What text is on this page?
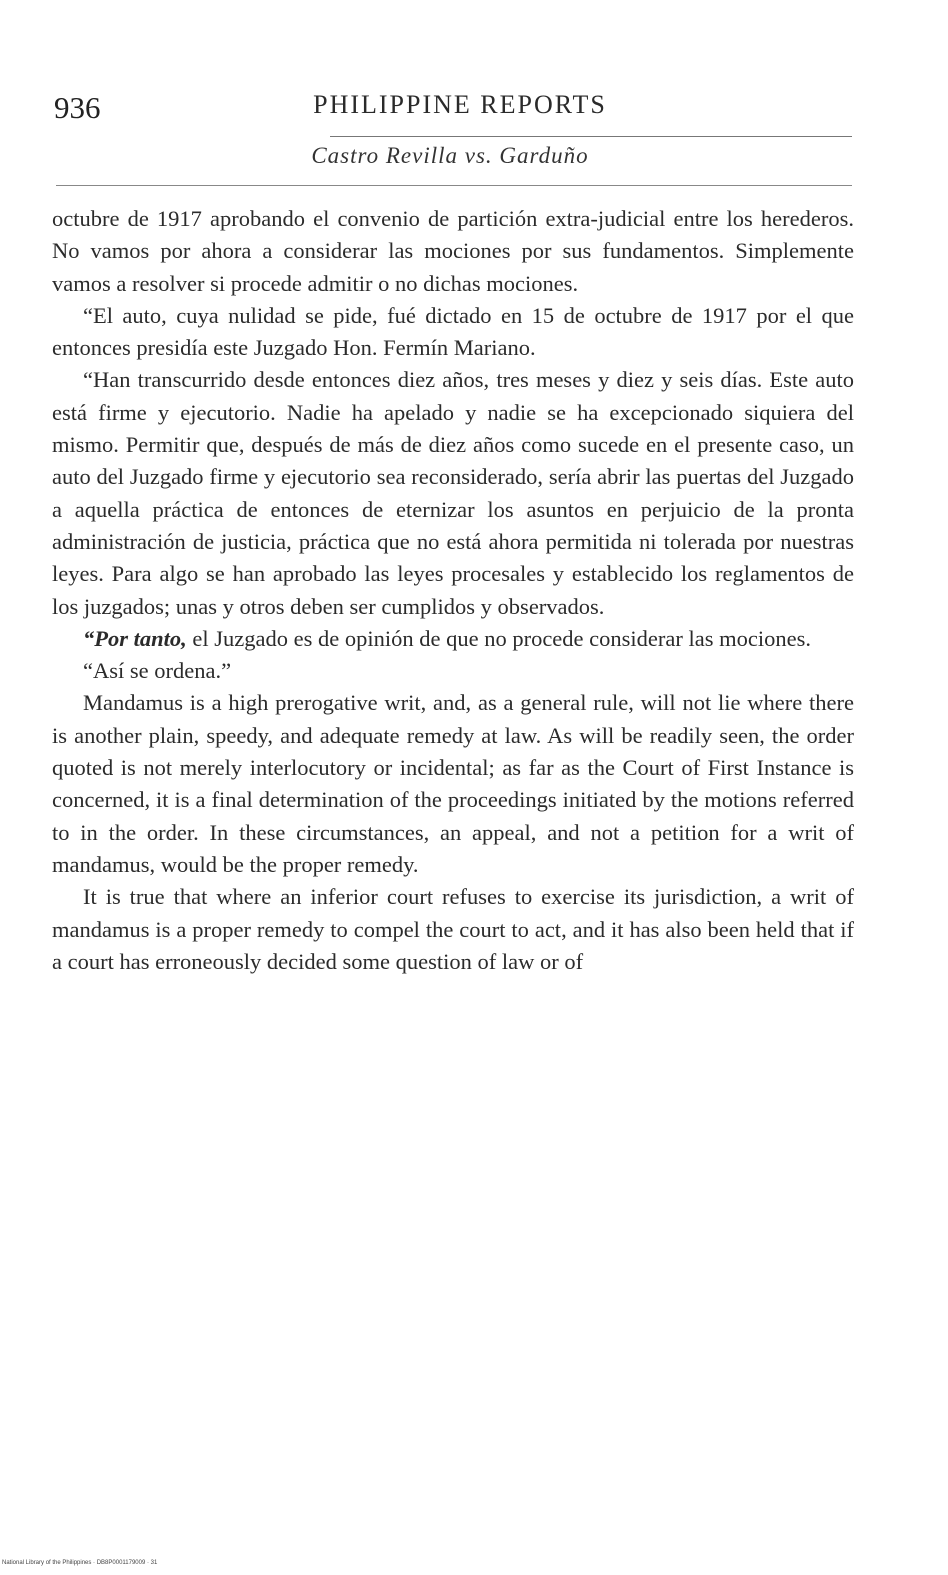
936	PHILIPPINE REPORTS
Castro Revilla vs. Garduño

octubre de 1917 aprobando el convenio de partición extra-judicial entre los herederos. No vamos por ahora a considerar las mociones por sus fundamentos. Simplemente vamos a resolver si procede admitir o no dichas mociones.

“El auto, cuya nulidad se pide, fué dictado en 15 de octubre de 1917 por el que entonces presidía este Juzgado Hon. Fermín Mariano.

“Han transcurrido desde entonces diez años, tres meses y diez y seis días. Este auto está firme y ejecutorio. Nadie ha apelado y nadie se ha excepcionado siquiera del mismo. Permitir que, después de más de diez años como sucede en el presente caso, un auto del Juzgado firme y ejecutorio sea reconsiderado, sería abrir las puertas del Juzgado a aquella práctica de entonces de eternizar los asuntos en perjuicio de la pronta administración de justicia, práctica que no está ahora permitida ni tolerada por nuestras leyes. Para algo se han aprobado las leyes procesales y establecido los reglamentos de los juzgados; unas y otros deben ser cumplidos y observados.

“Por tanto, el Juzgado es de opinión de que no procede considerar las mociones.

“Así se ordena.”

Mandamus is a high prerogative writ, and, as a general rule, will not lie where there is another plain, speedy, and adequate remedy at law. As will be readily seen, the order quoted is not merely interlocutory or incidental; as far as the Court of First Instance is concerned, it is a final determination of the proceedings initiated by the motions referred to in the order. In these circumstances, an appeal, and not a petition for a writ of mandamus, would be the proper remedy.

It is true that where an inferior court refuses to exercise its jurisdiction, a writ of mandamus is a proper remedy to compel the court to act, and it has also been held that if a court has erroneously decided some question of law or of

National Library of the Philippines · DB8P0001179009 · 31
